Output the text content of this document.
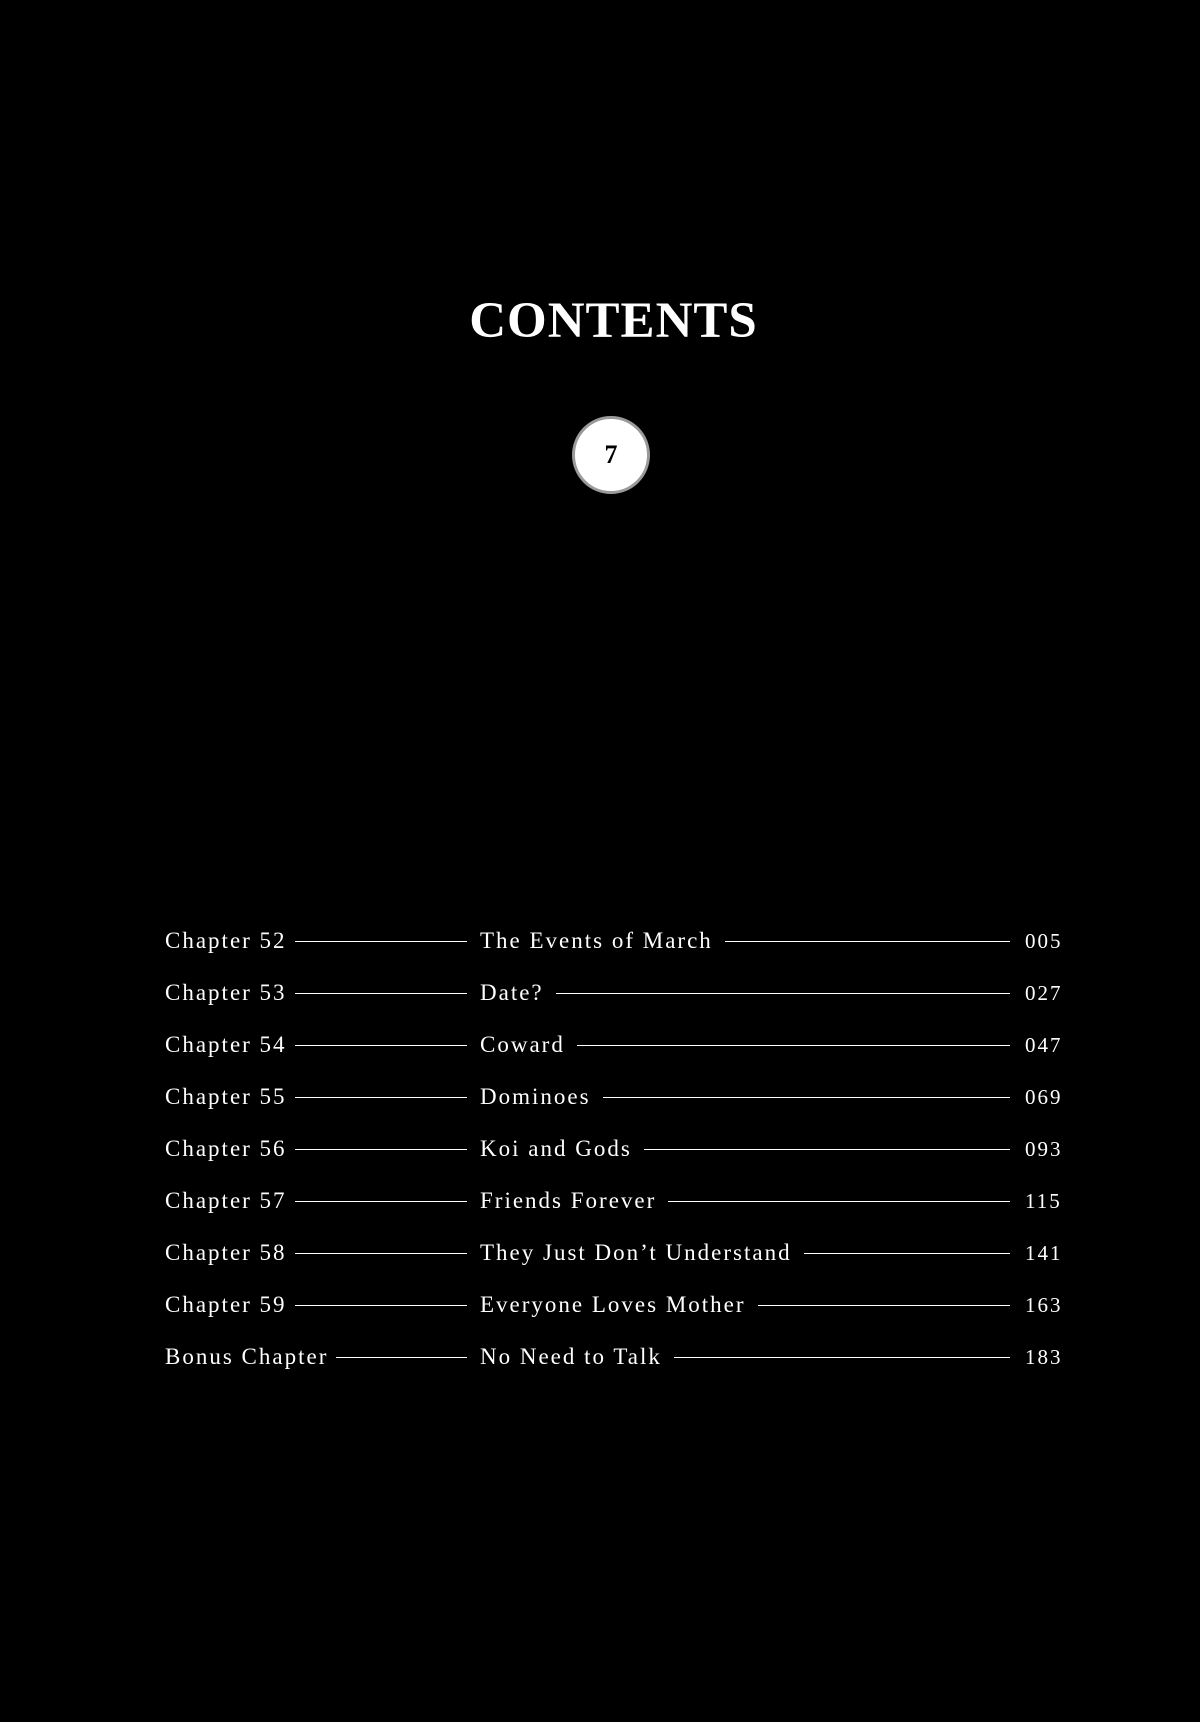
CONTENTS
7
Chapter 52	The Events of March	005
Chapter 53	Date?	027
Chapter 54	Coward	047
Chapter 55	Dominoes	069
Chapter 56	Koi and Gods	093
Chapter 57	Friends Forever	115
Chapter 58	They Just Don’t Understand	141
Chapter 59	Everyone Loves Mother	163
Bonus Chapter	No Need to Talk	183
